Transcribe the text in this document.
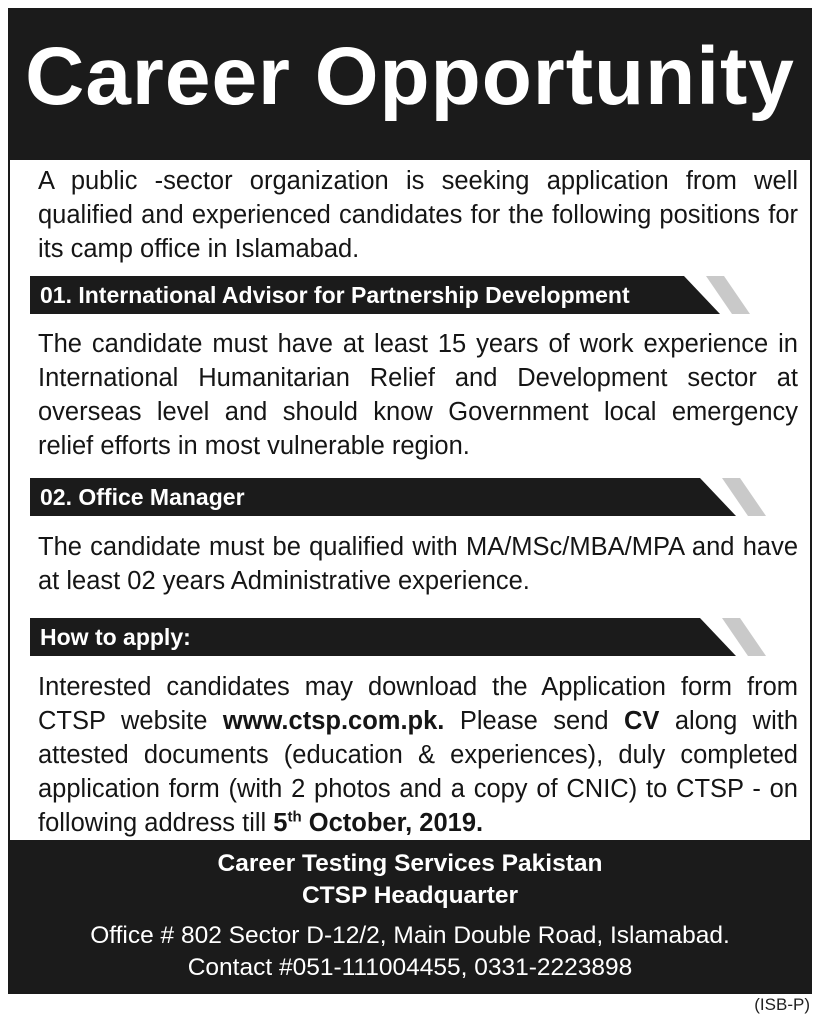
Career Opportunity

A public -sector organization is seeking application from well qualified and experienced candidates for the following positions for its camp office in Islamabad.

01. International Advisor for Partnership Development

The candidate must have at least 15 years of work experience in International Humanitarian Relief and Development sector at overseas level and should know Government local emergency relief efforts in most vulnerable region.

02. Office Manager

The candidate must be qualified with MA/MSc/MBA/MPA and have at least 02 years Administrative experience.

How to apply:

Interested candidates may download the Application form from CTSP website www.ctsp.com.pk. Please send CV along with attested documents (education & experiences), duly completed application form (with 2 photos and a copy of CNIC) to CTSP - on following address till 5th October, 2019.

Career Testing Services Pakistan
CTSP Headquarter
Office # 802 Sector D-12/2, Main Double Road, Islamabad.
Contact #051-111004455, 0331-2223898
(ISB-P)
